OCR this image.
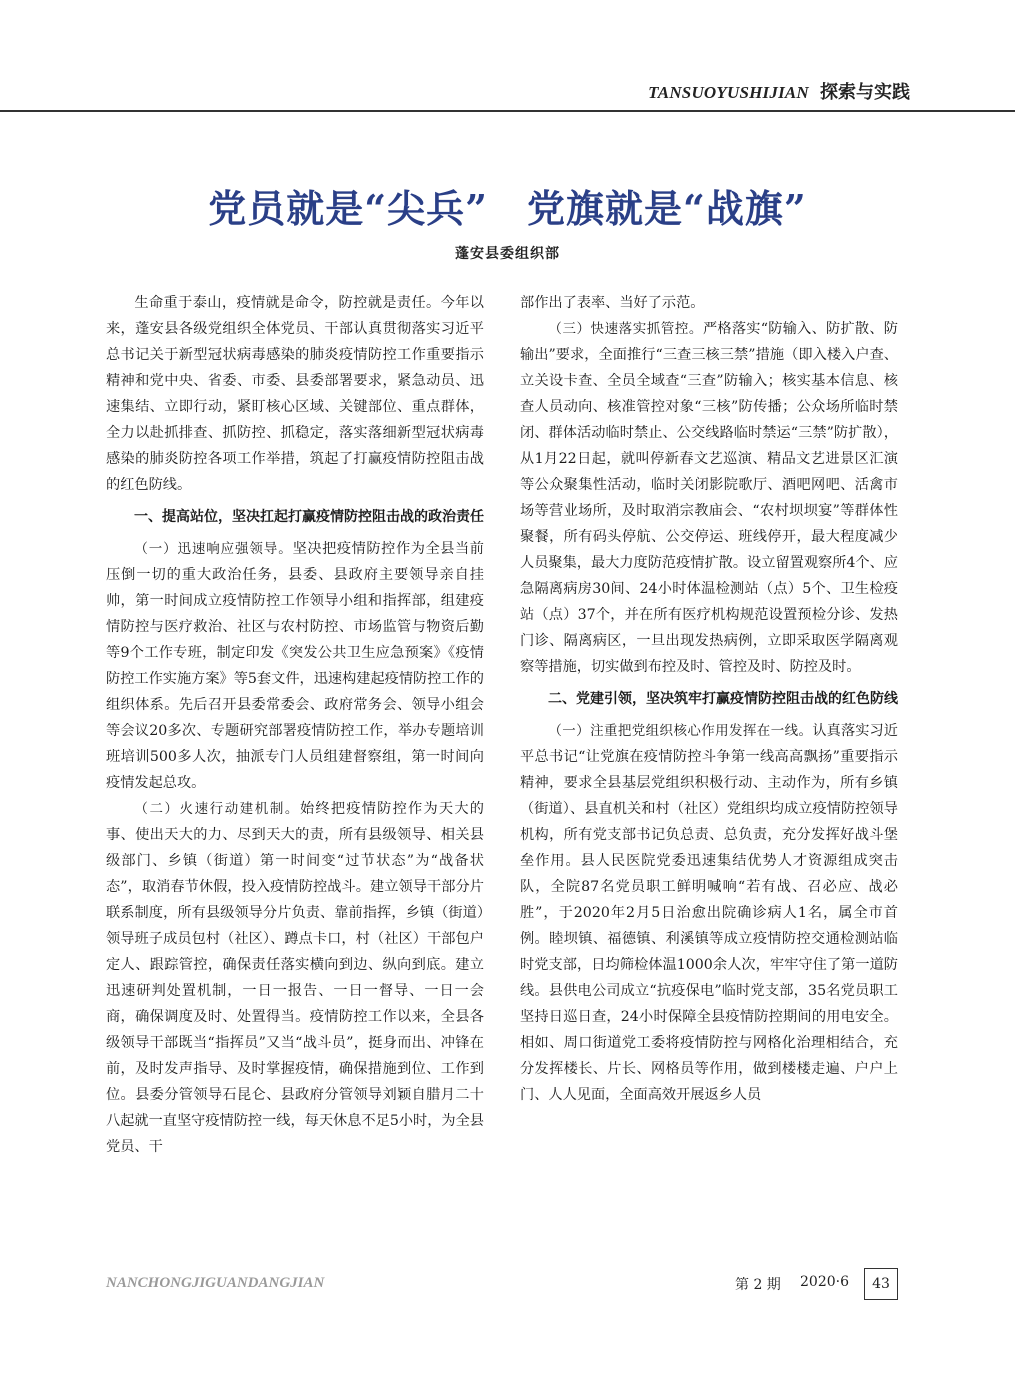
TANSUOYUSHIJIAN 探索与实践
党员就是“尖兵”　党旗就是“战旗”
蓬安县委组织部

生命重于泰山，疫情就是命令，防控就是责任。今年以来，蓬安县各级党组织全体党员、干部认真贯彻落实习近平总书记关于新型冠状病毒感染的肺炎疫情防控工作重要指示精神和党中央、省委、市委、县委部署要求，紧急动员、迅速集结、立即行动，紧盯核心区域、关键部位、重点群体，全力以赴抓排查、抓防控、抓稳定，落实落细新型冠状病毒感染的肺炎防控各项工作举措，筑起了打赢疫情防控阻击战的红色防线。

一、提高站位，坚决扛起打赢疫情防控阻击战的政治责任

（一）迅速响应强领导。坚决把疫情防控作为全县当前压倒一切的重大政治任务，县委、县政府主要领导亲自挂帅，第一时间成立疫情防控工作领导小组和指挥部，组建疫情防控与医疗救治、社区与农村防控、市场监管与物资后勤等9个工作专班，制定印发《突发公共卫生应急预案》《疫情防控工作实施方案》等5套文件，迅速构建起疫情防控工作的组织体系。先后召开县委常委会、政府常务会、领导小组会等会议20多次、专题研究部署疫情防控工作，举办专题培训班培训500多人次，抽派专门人员组建督察组，第一时间向疫情发起总攻。

（二）火速行动建机制。始终把疫情防控作为天大的事、使出天大的力、尽到天大的责，所有县级领导、相关县级部门、乡镇（街道）第一时间变“过节状态”为“战备状态”，取消春节休假，投入疫情防控战斗。建立领导干部分片联系制度，所有县级领导分片负责、靠前指挥，乡镇（街道）领导班子成员包村（社区）、蹲点卡口，村（社区）干部包户定人、跟踪管控，确保责任落实横向到边、纵向到底。建立迅速研判处置机制，一日一报告、一日一督导、一日一会商，确保调度及时、处置得当。疫情防控工作以来，全县各级领导干部既当“指挥员”又当“战斗员”，挺身而出、冲锋在前，及时发声指导、及时掌握疫情，确保措施到位、工作到位。县委分管领导石昆仑、县政府分管领导刘颖自腊月二十八起就一直坚守疫情防控一线，每天休息不足5小时，为全县党员、干

部作出了表率、当好了示范。

（三）快速落实抓管控。严格落实“防输入、防扩散、防输出”要求，全面推行“三查三核三禁”措施（即入楼入户查、立关设卡查、全员全域查“三查”防输入；核实基本信息、核查人员动向、核准管控对象“三核”防传播；公众场所临时禁闭、群体活动临时禁止、公交线路临时禁运“三禁”防扩散），从1月22日起，就叫停新春文艺巡演、精品文艺进景区汇演等公众聚集性活动，临时关闭影院歌厅、酒吧网吧、活禽市场等营业场所，及时取消宗教庙会、“农村坝坝宴”等群体性聚餐，所有码头停航、公交停运、班线停开，最大程度减少人员聚集，最大力度防范疫情扩散。设立留置观察所4个、应急隔离病房30间、24小时体温检测站（点）5个、卫生检疫站（点）37个，并在所有医疗机构规范设置预检分诊、发热门诊、隔离病区，一旦出现发热病例，立即采取医学隔离观察等措施，切实做到布控及时、管控及时、防控及时。

二、党建引领，坚决筑牢打赢疫情防控阻击战的红色防线

（一）注重把党组织核心作用发挥在一线。认真落实习近平总书记“让党旗在疫情防控斗争第一线高高飘扬”重要指示精神，要求全县基层党组织积极行动、主动作为，所有乡镇（街道）、县直机关和村（社区）党组织均成立疫情防控领导机构，所有党支部书记负总责、总负责，充分发挥好战斗堡垒作用。县人民医院党委迅速集结优势人才资源组成突击队，全院87名党员职工鲜明喊响“若有战、召必应、战必胜”，于2020年2月5日治愈出院确诊病人1名，属全市首例。睦坝镇、福德镇、利溪镇等成立疫情防控交通检测站临时党支部，日均筛检体温1000余人次，牢牢守住了第一道防线。县供电公司成立“抗疫保电”临时党支部，35名党员职工坚持日巡日查，24小时保障全县疫情防控期间的用电安全。相如、周口街道党工委将疫情防控与网格化治理相结合，充分发挥楼长、片长、网格员等作用，做到楼楼走遍、户户上门、人人见面，全面高效开展返乡人员

NANCHONGJIGUANDANGJIAN	第 2 期 2020·6	43
